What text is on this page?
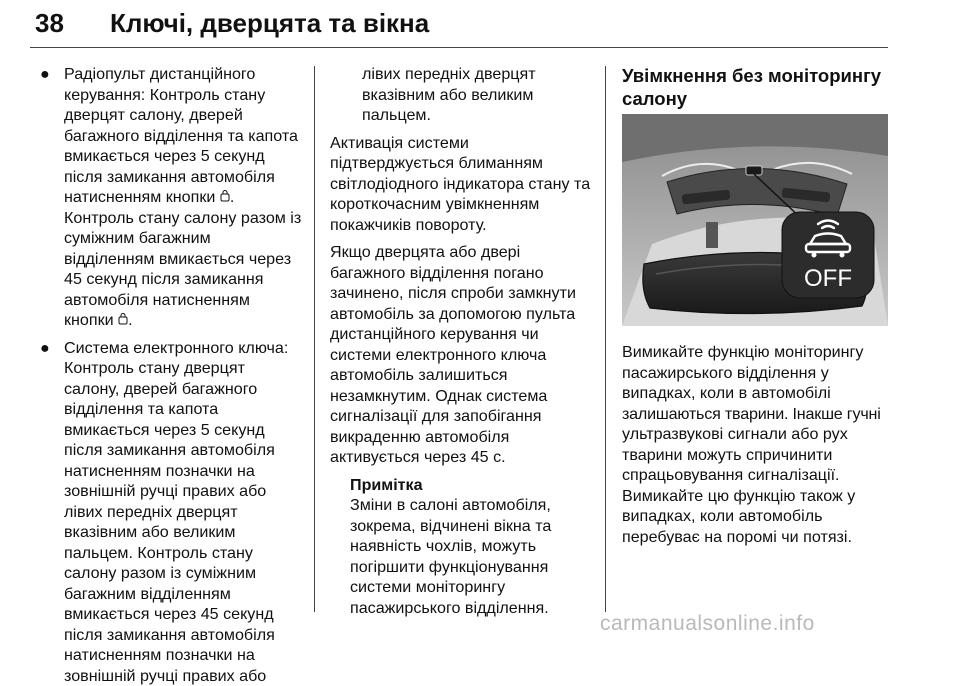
38 Ключі, дверцята та вікна
● Радіопульт дистанційного

керування: Контроль стану

дверцят салону, дверей

багажного відділення та капота

вмикається через 5 секунд

після замикання автомобіля

натисненням кнопки .

Контроль стану салону разом із

суміжним багажним

відділенням вмикається через

45 секунд після замикання

автомобіля натисненням

кнопки .

● Система електронного ключа:

Контроль стану дверцят

салону, дверей багажного

відділення та капота

вмикається через 5 секунд

після замикання автомобіля

натисненням позначки на

зовнішній ручці правих або

лівих передніх дверцят

вказівним або великим

пальцем. Контроль стану

салону разом із суміжним

багажним відділенням

вмикається через 45 секунд

після замикання автомобіля

натисненням позначки на

зовнішній ручці правих або

лівих передніх дверцят

вказівним або великим

пальцем.

Активація системи

підтверджується блиманням

світлодіодного індикатора стану та

короткочасним увімкненням

покажчиків повороту.

Якщо дверцята або дверi

багажного відділення погано

зачинено, після спроби замкнути

автомобіль за допомогою пульта

дистанційного керування чи

системи електронного ключа

автомобіль залишиться

незамкнутим. Однак система

сигналізації для запобігання

викраденню автомобіля

активується через 45 с.

Примітка

Зміни в салоні автомобіля,

зокрема, відчинені вікна та

наявність чохлів, можуть

погіршити функціонування

системи моніторингу

пасажирського відділення.

Увімкнення без моніторингу

салону

OFF

Вимикайте функцію моніторингу

пасажирського відділення у

випадках, коли в автомобілі

залишаються тварини. Інакше гучні

ультразвукові сигнали або рух

тварини можуть спричинити

спрацьовування сигналізації.

Вимикайте цю функцію також у

випадках, коли автомобіль

перебуває на поромі чи потязі.

carmanualsonline.info
